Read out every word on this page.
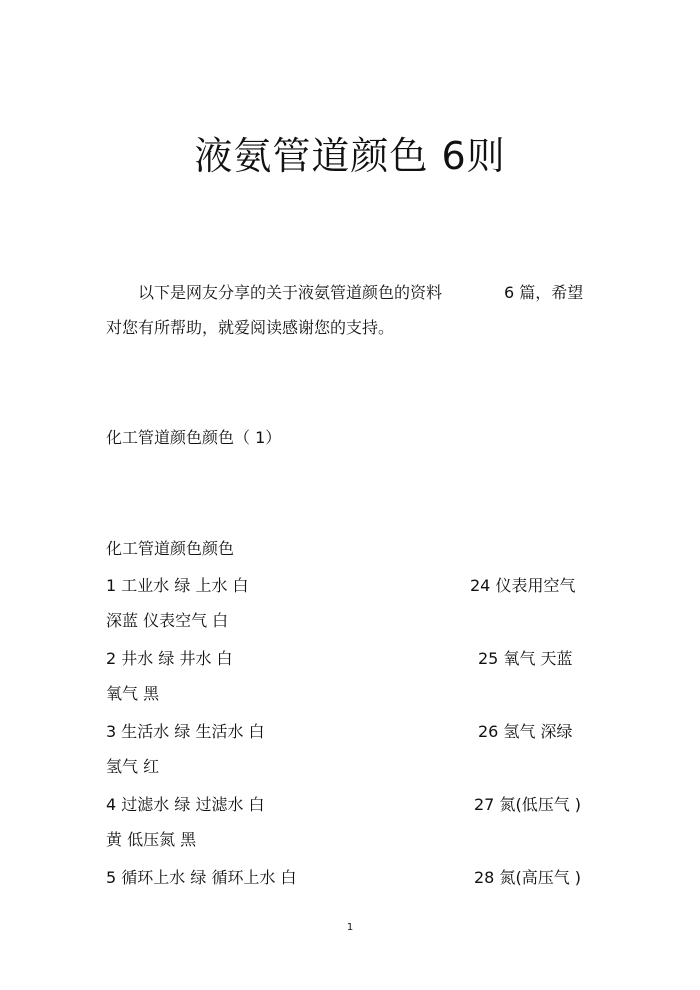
液氨管道颜色 6则
以下是网友分享的关于液氨管道颜色的资料	6 篇，希望
对您有所帮助，就爱阅读感谢您的支持。
化工管道颜色颜色（ 1）
化工管道颜色颜色
1 工业水 绿 上水 白	24 仪表用空气
深蓝 仪表空气 白
2 井水 绿 井水 白	25 氧气 天蓝
氧气 黑
3 生活水 绿 生活水 白	26 氢气 深绿
氢气 红
4 过滤水 绿 过滤水 白	27 氮(低压气 )
黄 低压氮 黑
5 循环上水 绿 循环上水 白	28 氮(高压气 )
1
